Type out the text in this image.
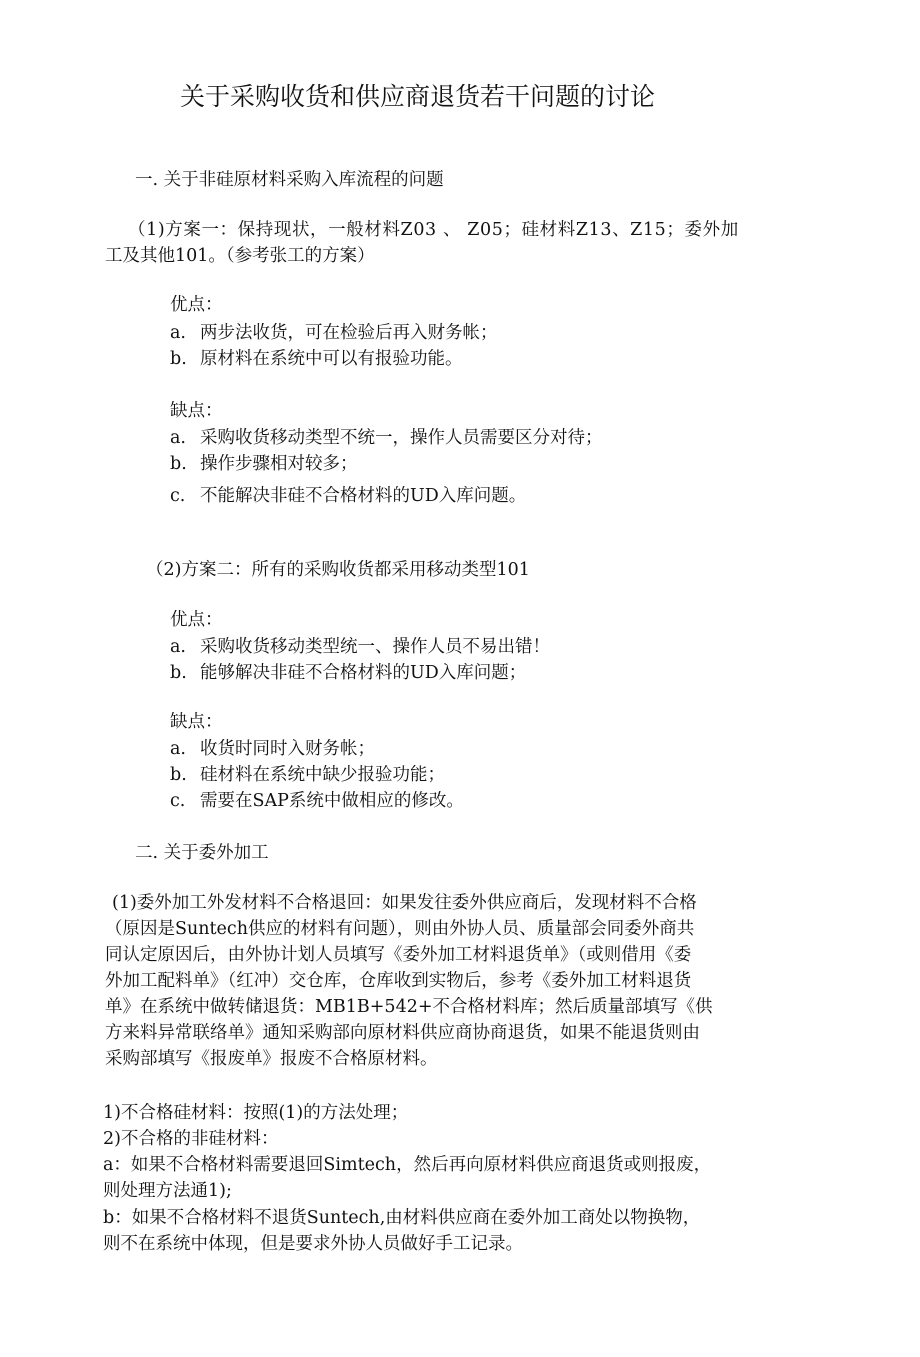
关于采购收货和供应商退货若干问题的讨论
一. 关于非硅原材料采购入库流程的问题
（1)方案一：保持现状，一般材料Z03 、 Z05；硅材料Z13、Z15；委外加
工及其他101。（参考张工的方案）
优点：
a. 两步法收货，可在检验后再入财务帐；
b. 原材料在系统中可以有报验功能。
缺点：
a. 采购收货移动类型不统一，操作人员需要区分对待；
b. 操作步骤相对较多；
c. 不能解决非硅不合格材料的UD入库问题。
（2)方案二：所有的采购收货都采用移动类型101
优点：
a. 采购收货移动类型统一、操作人员不易出错！
b. 能够解决非硅不合格材料的UD入库问题；
缺点：
a. 收货时同时入财务帐；
b. 硅材料在系统中缺少报验功能；
c. 需要在SAP系统中做相应的修改。
二. 关于委外加工
(1)委外加工外发材料不合格退回：如果发往委外供应商后，发现材料不合格
（原因是Suntech供应的材料有问题），则由外协人员、质量部会同委外商共
同认定原因后，由外协计划人员填写《委外加工材料退货单》（或则借用《委
外加工配料单》（红冲）交仓库，仓库收到实物后，参考《委外加工材料退货
单》在系统中做转储退货：MB1B+542+不合格材料库；然后质量部填写《供
方来料异常联络单》通知采购部向原材料供应商协商退货，如果不能退货则由
采购部填写《报废单》报废不合格原材料。
1)不合格硅材料：按照(1)的方法处理；
2)不合格的非硅材料：
a：如果不合格材料需要退回Simtech，然后再向原材料供应商退货或则报废，
则处理方法通1);
b：如果不合格材料不退货Suntech,由材料供应商在委外加工商处以物换物，
则不在系统中体现，但是要求外协人员做好手工记录。
